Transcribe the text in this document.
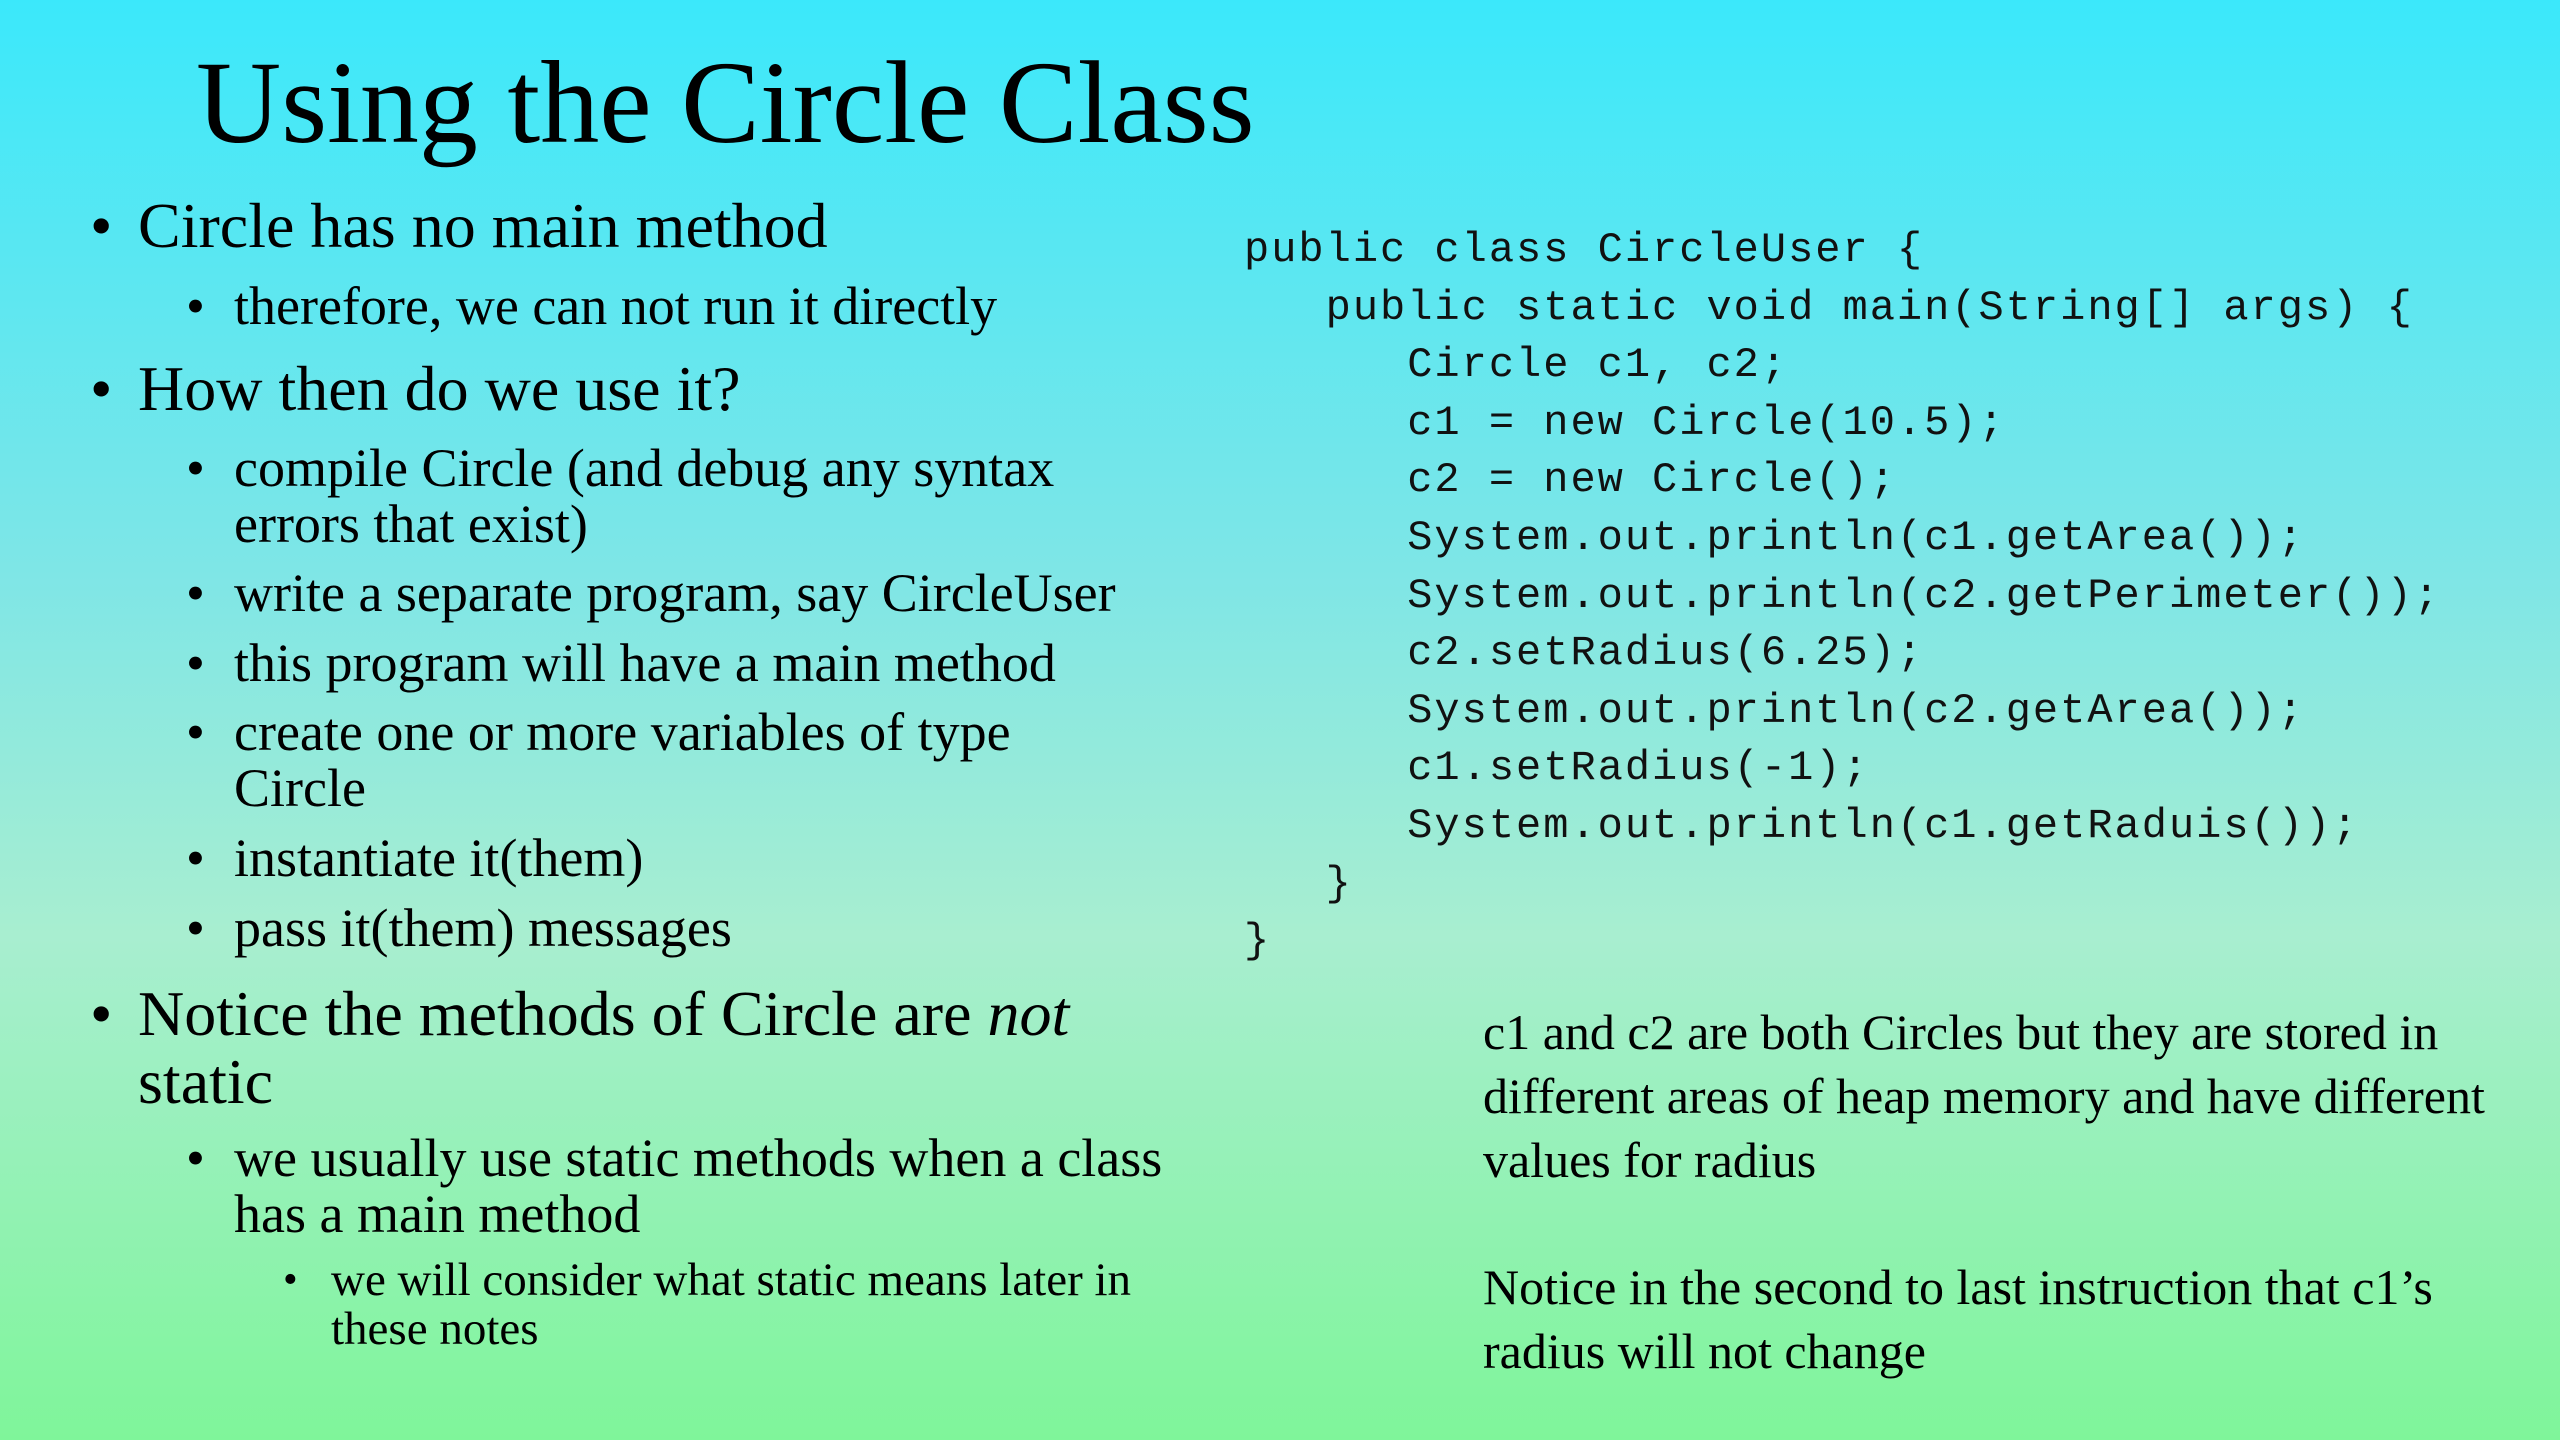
Using the Circle Class

• Circle has no main method

• therefore, we can not run it directly

• How then do we use it?

• compile Circle (and debug any syntax errors that exist)

• write a separate program, say CircleUser

• this program will have a main method

• create one or more variables of type Circle

• instantiate it(them)

• pass it(them) messages

• Notice the methods of Circle are not static

• we usually use static methods when a class has a main method

• we will consider what static means later in these notes

public class CircleUser {
public static void main(String[] args) {
Circle c1, c2;
c1 = new Circle(10.5);
c2 = new Circle();
System.out.println(c1.getArea());
System.out.println(c2.getPerimeter());
c2.setRadius(6.25);
System.out.println(c2.getArea());
c1.setRadius(-1);
System.out.println(c1.getRaduis());
}
}
c1 and c2 are both Circles but they are stored in different areas of heap memory and have different values for radius
Notice in the second to last instruction that c1’s radius will not change
